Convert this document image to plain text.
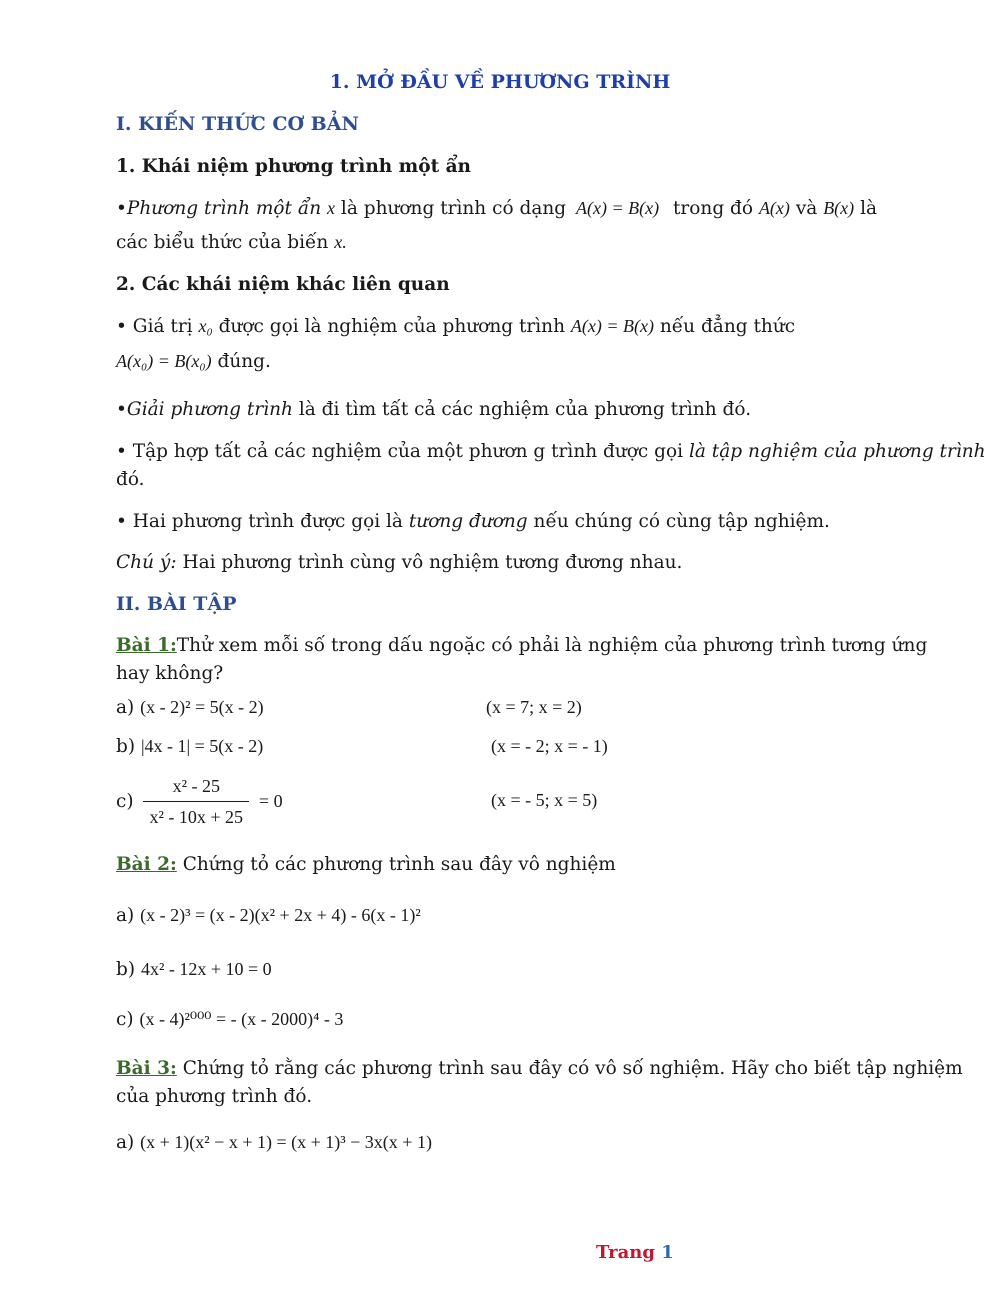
1. MỞ ĐẦU VỀ PHƯƠNG TRÌNH
I. KIẾN THỨC CƠ BẢN
1. Khái niệm phương trình một ẩn
•Phương trình một ẩn x là phương trình có dạng A(x) = B(x) trong đó A(x) và B(x) là
các biểu thức của biến x.
2. Các khái niệm khác liên quan
• Giá trị x₀ được gọi là nghiệm của phương trình A(x) = B(x) nếu đẳng thức
A(x₀) = B(x₀) đúng.
•Giải phương trình là đi tìm tất cả các nghiệm của phương trình đó.
• Tập hợp tất cả các nghiệm của một phươn g trình được gọi là tập nghiệm của phương trình
đó.
• Hai phương trình được gọi là tương đương nếu chúng có cùng tập nghiệm.
Chú ý: Hai phương trình cùng vô nghiệm tương đương nhau.
II. BÀI TẬP
Bài 1:Thử xem mỗi số trong dấu ngoặc có phải là nghiệm của phương trình tương ứng
hay không?
a) (x - 2)² = 5(x - 2)	(x = 7; x = 2)
b) |4x - 1| = 5(x - 2)	(x = - 2; x = - 1)
$c) \frac{\text{x² - 25}}{\text{x² - 10x + 25}} = 0$	(x = - 5; x = 5)
Bài 2: Chứng tỏ các phương trình sau đây vô nghiệm
a) (x - 2)³ = (x - 2)(x² + 2x + 4) - 6(x - 1)²
b) 4x² - 12x + 10 = 0
c) (x - 4)²⁰⁰⁰ = - (x - 2000)⁴ - 3
Bài 3: Chứng tỏ rằng các phương trình sau đây có vô số nghiệm. Hãy cho biết tập nghiệm
của phương trình đó.
a) (x + 1)(x² − x + 1) = (x + 1)³ − 3x(x + 1)
Trang 1
